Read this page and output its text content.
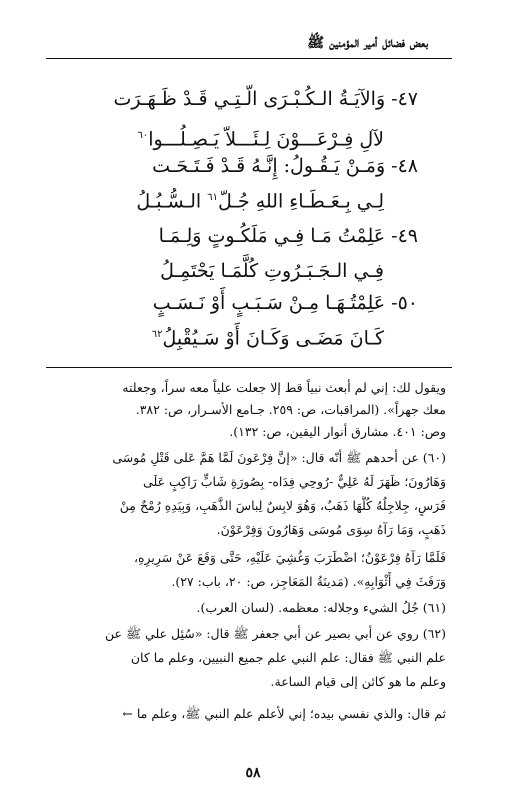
بعض فضائل أمير المؤمنين ﷺ
٤٧- وَالآيَـةُ الـكُـبْـرَى الّـتِـي قَـدْ ظَـهَـرَت
لآلِ فِـرْعَـــوْنَ لِـئَـــلاّ يَـصِـلُـــوا$^{٦٠}$
٤٨- وَمَـنْ يَـقُـولُ: إِنَّـهُ قَـدْ فَـتَـحَـت
لِـي بِـعَـطَـاءِ اللهِ جُـلّ$^{٦١}$ الـسُّـبُـلُ
٤٩- عَلِمْتُ مَـا فِـي مَلَكُـوتٍ وَلِـمَـا
فِـي الـجَـبَـرُوتِ كُلَّمَـا يَحْتَمِـلُ
٥٠- عَلِمْتُـهَـا مِـنْ سَـبَـبٍ أَوْ نَـسَـبٍ
كَـانَ مَضَـى وَكَـانَ أَوْ سَـيُقْبِلُ$^{٦٢}$
ويقول لك: إني لم أبعث نبياً قط إلا جعلت علياً معه سراً، وجعلته
معك جهراً». (المراقبات، ص: ٢٥٩. جـامع الأسـرار، ص: ٣٨٢.
وص: ٤٠١. مشارق أنوار اليقين، ص: ١٣٢).
(٦٠) عن أحدهم ﷺ أنّه قال: «إنَّ فِرْعَونَ لَمَّا هَمَّ عَلى قَتْلِ مُوسَى
وَهَارُونَ؛ ظَهَرَ لَهُ عَلِيٌّ -رُوحِي فِدَاه- بِصُورَةِ شَابٍّ رَاكِبٍ عَلَى
فَرَسٍ، جِلاجِلُهُ كُلُّهَا ذَهَبٌ، وَهُوَ لابِسٌ لِباسَ الذَّهَبِ، وَبِيَدِهِ رُمْحٌ مِنْ
ذَهَبٍ، وَمَا رَآهُ سِوَى مُوسَى وَهَارُونَ وَفِرْعَوْنَ.
فَلَمَّا رَآهُ فِرْعَوْنُ؛ اضْطَرَبَ وَغُشِيَ عَلَيْهِ، حَتَّى وَقَعَ عَنْ سَرِيرِهِ،
وَرَفَثَ فِي أَثْوَابِهِ». (مَدينَةُ المَعَاجِز، ص: ٢٠، باب: ٢٧).
(٦١) جُلُ الشيء وجلاله: معظمه. (لسان العرب).
(٦٢) روي عن أبي بصير عن أبي جعفر ﷺ قال: «سُئِل علي ﷺ عن
علم النبي ﷺ فقال: علم النبي علم جميع النبيين، وعلم ما كان
وعلم ما هو كائن إلى قيام الساعة.
ثم قال: والذي نفسي بيده؛ إني لأعلم علم النبي ﷺ، وعلم ما ←
٥٨
